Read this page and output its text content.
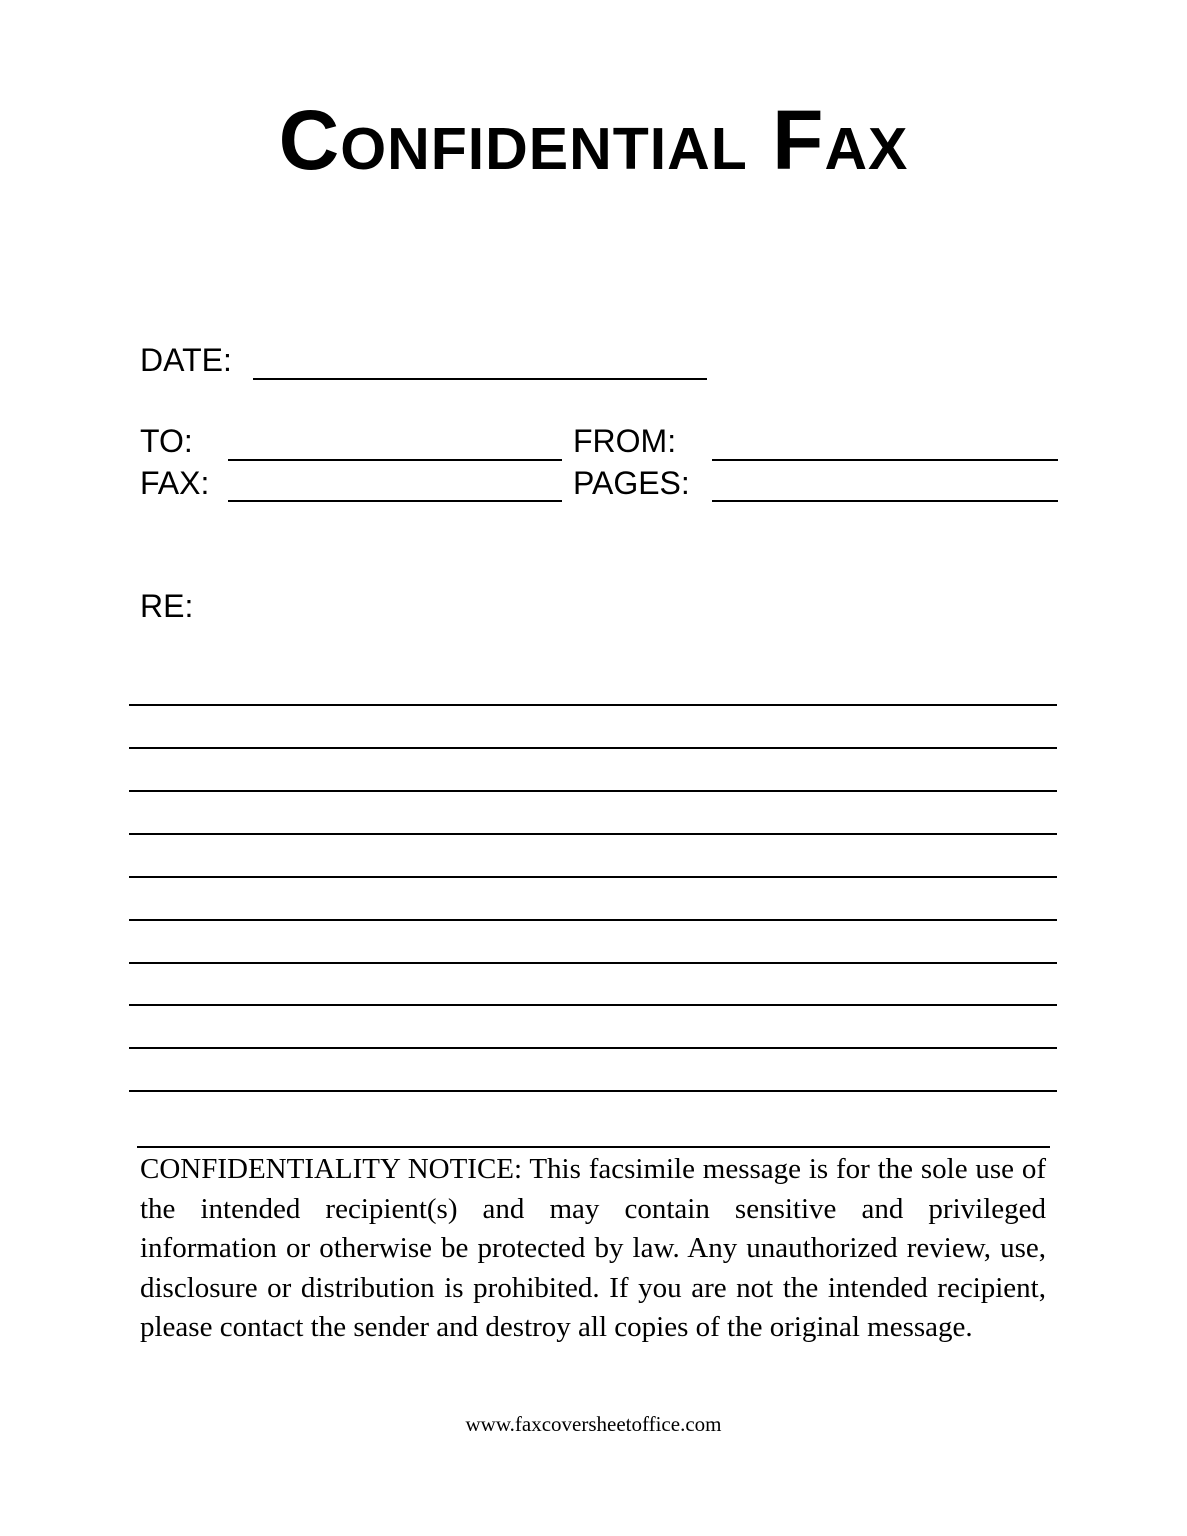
Confidential Fax
DATE:
TO:	FROM:
FAX:	PAGES:
RE:

CONFIDENTIALITY NOTICE: This facsimile message is for the sole use of the intended recipient(s) and may contain sensitive and privileged information or otherwise be protected by law. Any unauthorized review, use, disclosure or distribution is prohibited. If you are not the intended recipient, please contact the sender and destroy all copies of the original message.

www.faxcoversheetoffice.com
